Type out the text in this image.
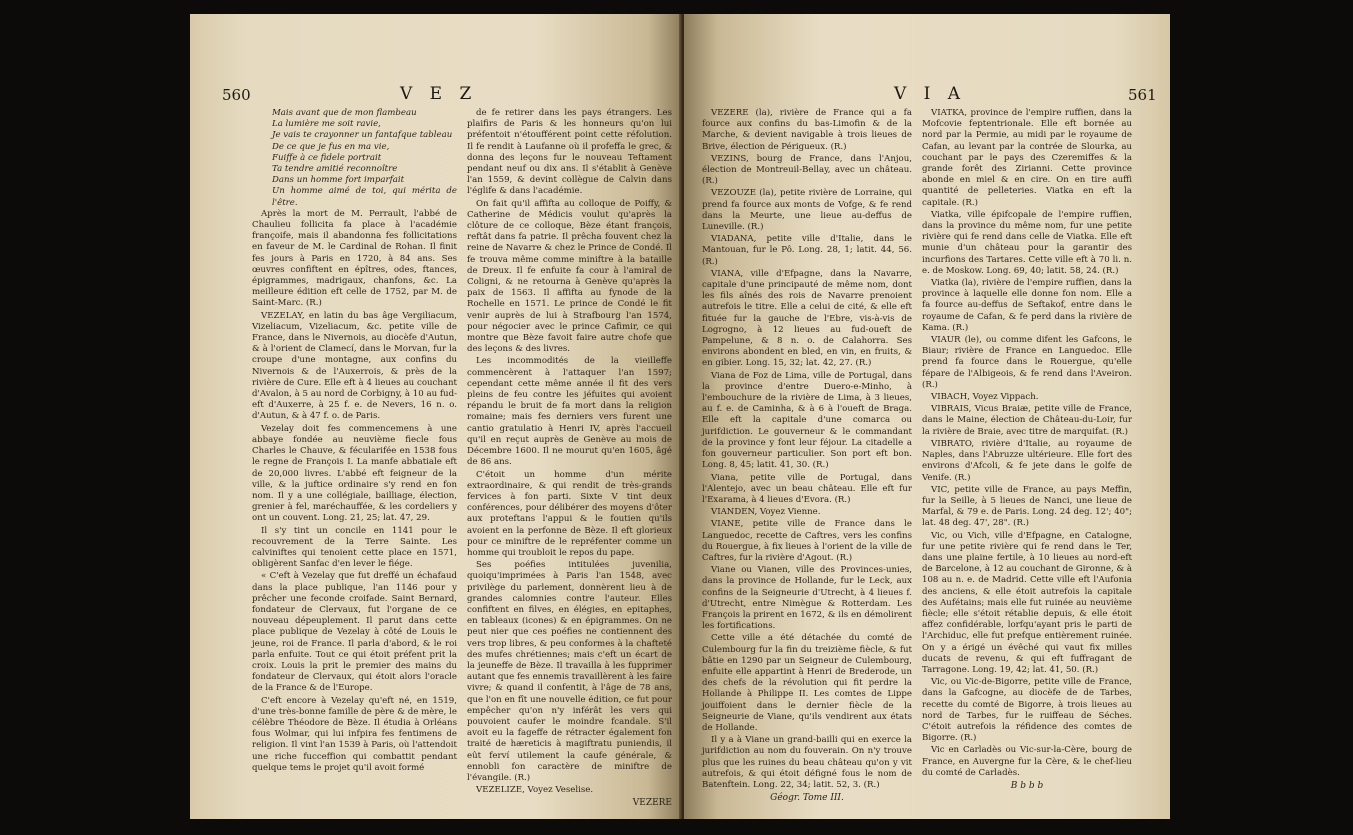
560	V E Z

Mais avant que de mon flambeau

La lumière me soit ravie,

Je vais te crayonner un fantafque tableau

De ce que je fus en ma vie,

Fuiffe à ce fidele portrait

Ta tendre amitié reconnoître

Dans un homme fort imparfait

Un homme aimé de toi, qui mérita de l'être.

Après la mort de M. Perrault, l'abbé de Chaulieu follicita fa place à l'académie françoife, mais il abandonna fes follicitations en faveur de M. le Cardinal de Rohan. Il finit fes jours à Paris en 1720, à 84 ans. Ses œuvres confiftent en épîtres, odes, ftances, épigrammes, madrigaux, chanfons, &c. La meilleure édition eft celle de 1752, par M. de Saint-Marc. (R.)

VEZELAY, en latin du bas âge Vergiliacum, Vizeliacum, Vizeliacum, &c. petite ville de France, dans le Nivernois, au diocèfe d'Autun, & à l'orient de Clamecí, dans le Morvan, fur la croupe d'une montagne, aux confins du Nivernois & de l'Auxerrois, & près de la rivière de Cure. Elle eft à 4 lieues au couchant d'Avalon, à 5 au nord de Corbigny, à 10 au fud-eft d'Auxerre, à 25 f. e. de Nevers, 16 n. o. d'Autun, & à 47 f. o. de Paris.

Vezelay doit fes commencemens à une abbaye fondée au neuvième fiecle fous Charles le Chauve, & fécularifée en 1538 fous le regne de François I. La manfe abbatiale eft de 20,000 livres. L'abbé eft feigneur de la ville, & la juftice ordinaire s'y rend en fon nom. Il y a une collégiale, bailliage, élection, grenier à fel, maréchauffée, & les cordeliers y ont un couvent. Long. 21, 25; lat. 47, 29.

Il s'y tint un concile en 1141 pour le recouvrement de la Terre Sainte. Les calviniftes qui tenoient cette place en 1571, obligèrent Sanfac d'en lever le fiége.

« C'eft à Vezelay que fut dreffé un échafaud dans la place publique, l'an 1146 pour y prêcher une feconde croifade. Saint Bernard, fondateur de Clervaux, fut l'organe de ce nouveau dépeuplement. Il parut dans cette place publique de Vezelay à côté de Louis le jeune, roi de France. Il parla d'abord, & le roi parla enfuite. Tout ce qui étoit préfent prit la croix. Louis la prit le premier des mains du fondateur de Clervaux, qui étoit alors l'oracle de la France & de l'Europe.

C'eft encore à Vezelay qu'eft né, en 1519, d'une très-bonne famille de père & de mère, le célèbre Théodore de Bèze. Il étudia à Orléans fous Wolmar, qui lui infpira fes fentimens de religion. Il vint l'an 1539 à Paris, où l'attendoit une riche fucceffion qui combattit pendant quelque tems le projet qu'il avoit formé

de fe retirer dans les pays étrangers. Les plaifirs de Paris & les honneurs qu'on lui préfentoit n'étoufférent point cette réfolution. Il fe rendit à Laufanne où il profeffa le grec, & donna des leçons fur le nouveau Teftament pendant neuf ou dix ans. Il s'établit à Genève l'an 1559, & devint collègue de Calvin dans l'églife & dans l'académie.

On fait qu'il affifta au colloque de Poiffy, & Catherine de Médicis voulut qu'après la clôture de ce colloque, Bèze étant françois, reftât dans fa patrie. Il prêcha fouvent chez la reine de Navarre & chez le Prince de Condé. Il fe trouva même comme miniftre à la bataille de Dreux. Il fe enfuite fa cour à l'amiral de Coligni, & ne retourna à Genève qu'après la paix de 1563. Il affifta au fynode de la Rochelle en 1571. Le prince de Condé le fit venir auprès de lui à Strafbourg l'an 1574, pour négocier avec le prince Cafimir, ce qui montre que Bèze favoit faire autre chofe que des leçons & des livres.

Les incommodités de la vieilleffe commencèrent à l'attaquer l'an 1597; cependant cette même année il fit des vers pleins de feu contre les jéfuites qui avoient répandu le bruit de fa mort dans la religion romaine; mais fes derniers vers furent une cantio gratulatio à Henri IV, après l'accueil qu'il en reçut auprès de Genève au mois de Décembre 1600. Il ne mourut qu'en 1605, âgé de 86 ans.

C'étoit un homme d'un mérite extraordinaire, & qui rendit de très-grands fervices à fon parti. Sixte V tint deux conférences, pour délibérer des moyens d'ôter aux proteftans l'appui & le foutien qu'ils avoient en la perfonne de Bèze. Il eft glorieux pour ce miniftre de le repréfenter comme un homme qui troubloit le repos du pape.

Ses poéfies intitulées juvenilia, quoiqu'imprimées à Paris l'an 1548, avec privilège du parlement, donnèrent lieu à de grandes calomnies contre l'auteur. Elles confiftent en filves, en élégies, en epitaphes, en tableaux (icones) & en épigrammes. On ne peut nier que ces poéfies ne contiennent des vers trop libres, & peu conformes à la chafteté des mufes chrétiennes; mais c'eft un écart de la jeuneffe de Bèze. Il travailla à les fupprimer autant que fes ennemis travaillèrent à les faire vivre; & quand il confentit, à l'âge de 78 ans, que l'on en fît une nouvelle édition, ce fut pour empêcher qu'on n'y inférât les vers qui pouvoient caufer le moindre fcandale. S'il avoit eu la fageffe de rétracter également fon traité de hæreticis à magiftratu puniendis, il eût ferví utilement la caufe générale, & ennobli fon caractère de miniftre de l'évangile. (R.)

VEZELIZE, Voyez Veselise.

VEZERE
V I A	561

VEZERE (la), rivière de France qui a fa fource aux confins du bas-Limofin & de la Marche, & devient navigable à trois lieues de Brive, élection de Périgueux. (R.)

VEZINS, bourg de France, dans l'Anjou, élection de Montreuil-Bellay, avec un château. (R.)

VEZOUZE (la), petite rivière de Lorraine, qui prend fa fource aux monts de Vofge, & fe rend dans la Meurte, une lieue au-deffus de Luneville. (R.)

VIADANA, petite ville d'Italie, dans le Mantouan, fur le Pô. Long. 28, 1; latit. 44, 56. (R.)

VIANA, ville d'Efpagne, dans la Navarre, capitale d'une principauté de même nom, dont les fils aînés des rois de Navarre prenoient autrefois le titre. Elle a celui de cité, & elle eft fituée fur la gauche de l'Ebre, vis-à-vis de Logrogno, à 12 lieues au fud-oueft de Pampelune, & 8 n. o. de Calahorra. Ses environs abondent en bled, en vin, en fruits, & en gibier. Long. 15, 32; lat. 42, 27. (R.)

Viana de Foz de Lima, ville de Portugal, dans la province d'entre Duero-e-Minho, à l'embouchure de la rivière de Lima, à 3 lieues, au f. e. de Caminha, & à 6 à l'oueft de Braga. Elle eft la capitale d'une comarca ou jurifdiction. Le gouverneur & le commandant de la province y font leur féjour. La citadelle a fon gouverneur particulier. Son port eft bon. Long. 8, 45; latit. 41, 30. (R.)

Viana, petite ville de Portugal, dans l'Alentejo, avec un beau château. Elle eft fur l'Exarama, à 4 lieues d'Evora. (R.)

VIANDEN, Voyez Vienne.

VIANE, petite ville de France dans le Languedoc, recette de Caftres, vers les confins du Rouergue, à fix lieues à l'orient de la ville de Caftres, fur la rivière d'Agout. (R.)

Viane ou Vianen, ville des Provinces-unies, dans la province de Hollande, fur le Leck, aux confins de la Seigneurie d'Utrecht, à 4 lieues f. d'Utrecht, entre Nimègue & Rotterdam. Les François la prirent en 1672, & ils en démolirent les fortifications.

Cette ville a été détachée du comté de Culembourg fur la fin du treizième fiècle, & fut bâtie en 1290 par un Seigneur de Culembourg, enfuite elle appartint à Henri de Brederode, un des chefs de la révolution qui fit perdre la Hollande à Philippe II. Les comtes de Lippe jouiffoient dans le dernier fiècle de la Seigneurie de Viane, qu'ils vendirent aux états de Hollande.

Il y a à Viane un grand-bailli qui en exerce la jurifdiction au nom du fouverain. On n'y trouve plus que les ruines du beau château qu'on y vit autrefois, & qui étoit défigné fous le nom de Batenftein. Long. 22, 34; latit. 52, 3. (R.)

Géogr. Tome III.

VIATKA, province de l'empire ruffien, dans la Mofcovie feptentrionale. Elle eft bornée au nord par la Permie, au midi par le royaume de Cafan, au levant par la contrée de Slourka, au couchant par le pays des Czeremiffes & la grande forêt des Zirianni. Cette province abonde en miel & en cire. On en tire auffi quantité de pelleteries. Viatka en eft la capitale. (R.)

Viatka, ville épifcopale de l'empire ruffien, dans la province du même nom, fur une petite rivière qui fe rend dans celle de Viatka. Elle eft munie d'un château pour la garantir des incurfions des Tartares. Cette ville eft à 70 li. n. e. de Moskow. Long. 69, 40; latit. 58, 24. (R.)

Viatka (la), rivière de l'empire ruffien, dans la province à laquelle elle donne fon nom. Elle a fa fource au-deffus de Seftakof, entre dans le royaume de Cafan, & fe perd dans la rivière de Kama. (R.)

VIAUR (le), ou comme difent les Gafcons, le Biaur; rivière de France en Languedoc. Elle prend fa fource dans le Rouergue, qu'elle fépare de l'Albigeois, & fe rend dans l'Aveiron. (R.)

VIBACH, Voyez Vippach.

VIBRAIS, Vicus Braiæ, petite ville de France, dans le Maine, élection de Château-du-Loir, fur la rivière de Braie, avec titre de marquifat. (R.)

VIBRATO, rivière d'Italie, au royaume de Naples, dans l'Abruzze ultérieure. Elle fort des environs d'Afcoli, & fe jete dans le golfe de Venife. (R.)

VIC, petite ville de France, au pays Meffin, fur la Seille, à 5 lieues de Nanci, une lieue de Marfal, & 79 e. de Paris. Long. 24 deg. 12'; 40"; lat. 48 deg. 47', 28". (R.)

Vic, ou Vich, ville d'Efpagne, en Catalogne, fur une petite rivière qui fe rend dans le Ter, dans une plaine fertile, à 10 lieues au nord-eft de Barcelone, à 12 au couchant de Gironne, & à 108 au n. e. de Madrid. Cette ville eft l'Aufonia des anciens, & elle étoit autrefois la capitale des Aufétains; mais elle fut ruinée au neuvième fiècle; elle s'étoit rétablie depuis, & elle étoit affez confidérable, lorfqu'ayant pris le parti de l'Archiduc, elle fut prefque entièrement ruinée. On y a érigé un évêché qui vaut fix milles ducats de revenu, & qui eft fuffragant de Tarragone. Long. 19, 42; lat. 41, 50. (R.)

Vic, ou Vic-de-Bigorre, petite ville de France, dans la Gafcogne, au diocèfe de de Tarbes, recette du comté de Bigorre, à trois lieues au nord de Tarbes, fur le ruiffeau de Séches. C'étoit autrefois la réfidence des comtes de Bigorre. (R.)

Vic en Carladès ou Vic-sur-la-Cère, bourg de France, en Auvergne fur la Cère, & le chef-lieu du comté de Carladès.

B b b b
